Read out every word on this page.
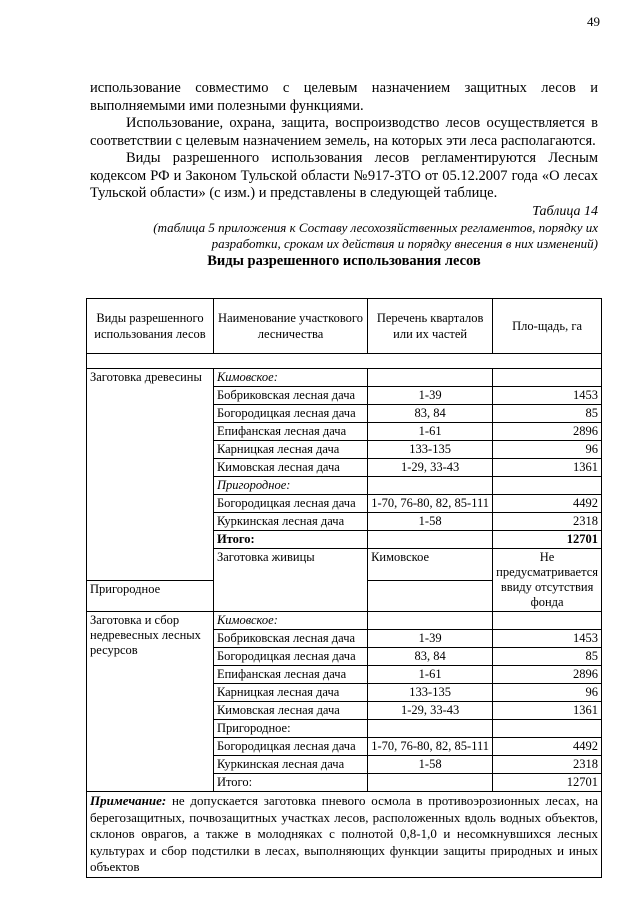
49

использование совместимо с целевым назначением защитных лесов и выполняемыми ими полезными функциями.

Использование, охрана, защита, воспроизводство лесов осуществляется в соответствии с целевым назначением земель, на которых эти леса располагаются.

Виды разрешенного использования лесов регламентируются Лесным кодексом РФ и Законом Тульской области №917-ЗТО от 05.12.2007 года «О лесах Тульской области» (с изм.) и представлены в следующей таблице.

Таблица 14
(таблица 5 приложения к Составу лесохозяйственных регламентов, порядку их разработки, срокам их действия и порядку внесения в них изменений)
Виды разрешенного использования лесов
Виды разрешенного использования лесов	Наименование участкового лесничества	Перечень кварталов или их частей	Пло-щадь, га

Заготовка древесины	Кимовское:		
	Бобриковская лесная дача	1-39	1453
	Богородицкая лесная дача	83, 84	85
	Епифанская лесная дача	1-61	2896
	Карницкая лесная дача	133-135	96
	Кимовская лесная дача	1-29, 33-43	1361
	Пригородное:		
	Богородицкая лесная дача	1-70, 76-80, 82, 85-111	4492
	Куркинская лесная дача	1-58	2318
	Итого:		12701
	Заготовка живицы	Кимовское	Не предусматривается ввиду отсутствия фонда
Пригородное			
Заготовка и сбор недревесных лесных ресурсов	Кимовское:		
	Бобриковская лесная дача	1-39	1453
	Богородицкая лесная дача	83, 84	85
	Епифанская лесная дача	1-61	2896
	Карницкая лесная дача	133-135	96
	Кимовская лесная дача	1-29, 33-43	1361
	Пригородное:		
	Богородицкая лесная дача	1-70, 76-80, 82, 85-111	4492
	Куркинская лесная дача	1-58	2318
	Итого:		12701
Примечание: не допускается заготовка пневого осмола в противоэрозионных лесах, на берегозащитных, почвозащитных участках лесов, расположенных вдоль водных объектов, склонов оврагов, а также в молодняках с полнотой 0,8-1,0 и несомкнувшихся лесных культурах и сбор подстилки в лесах, выполняющих функции защиты природных и иных объектов			
